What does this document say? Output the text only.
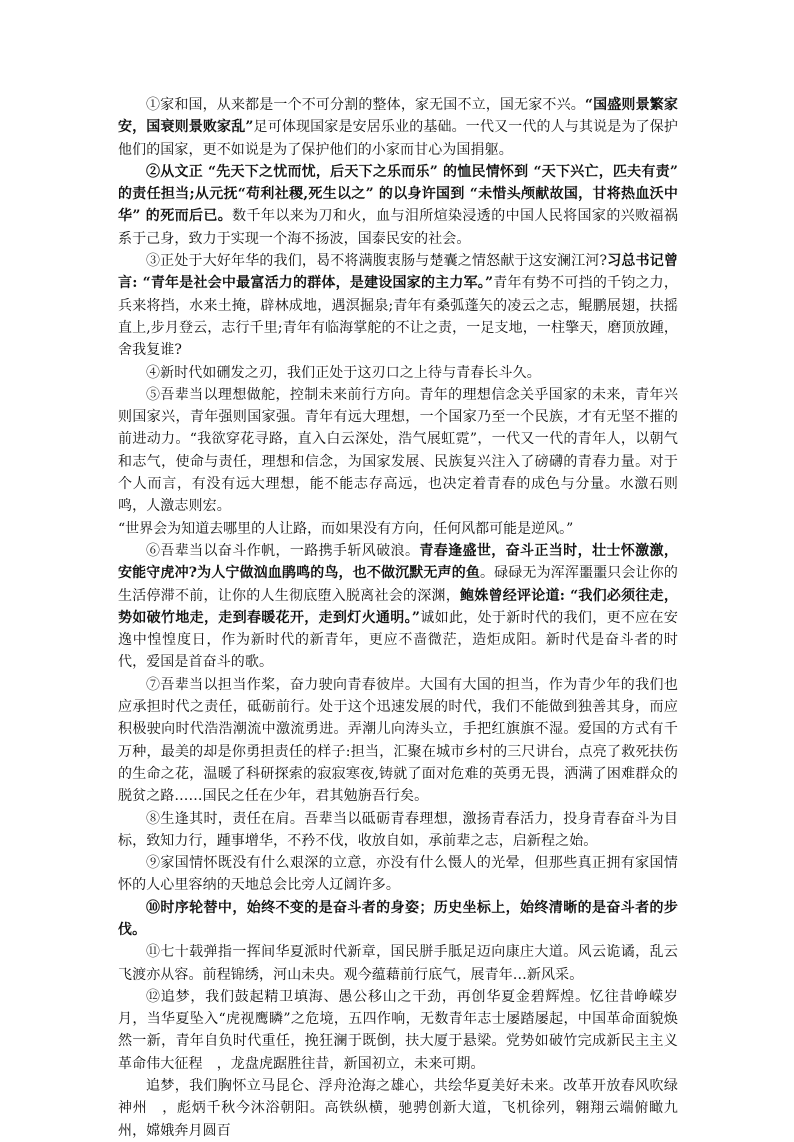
①家和国，从来都是一个不可分割的整体，家无国不立，国无家不兴。“国盛则景繁家安，国衰则景败家乱”足可体现国家是安居乐业的基础。一代又一代的人与其说是为了保护他们的国家，更不如说是为了保护他们的小家而甘心为国捐躯。

②从文正 “先天下之忧而忧，后天下之乐而乐” 的恤民情怀到 “天下兴亡，匹夫有责” 的责任担当;从元抚“苟利社稷,死生以之” 的以身许国到 “未惜头颅献故国，甘将热血沃中华” 的死而后已。数千年以来为刀和火，血与泪所煊染浸透的中国人民将国家的兴败福祸系于己身，致力于实现一个海不扬波，国泰民安的社会。

③正处于大好年华的我们，曷不将满腹衷肠与楚囊之情怒献于这安澜江河?习总书记曾言: “青年是社会中最富活力的群体，是建设国家的主力军。”青年有势不可挡的千钧之力，兵来将挡，水来土掩，辟林成地，遇溟掘泉;青年有桑弧蓬矢的凌云之志，鲲鹏展翅，扶摇直上,步月登云，志行千里;青年有临海掌舵的不让之责，一足支地，一柱擎天，磨顶放踵，舍我复谁?

④新时代如硎发之刃，我们正处于这刃口之上待与青春长斗久。

⑤吾辈当以理想做舵，控制未来前行方向。青年的理想信念关乎国家的未来，青年兴则国家兴，青年强则国家强。青年有远大理想，一个国家乃至一个民族，才有无坚不摧的前进动力。“我欲穿花寻路，直入白云深处，浩气展虹霓”，一代又一代的青年人，以朝气和志气，使命与责任，理想和信念，为国家发展、民族复兴注入了磅礴的青春力量。对于个人而言，有没有远大理想，能不能志存高远，也决定着青春的成色与分量。水激石则鸣，人激志则宏。

“世界会为知道去哪里的人让路，而如果没有方向，任何风都可能是逆风。”

⑥吾辈当以奋斗作帆，一路携手斩风破浪。青春逢盛世，奋斗正当时，壮士怀激激，安能守虎冲?为人宁做汹血鹃鸣的鸟，也不做沉默无声的鱼。碌碌无为浑浑噩噩只会让你的生活停滞不前，让你的人生彻底堕入脱离社会的深渊，鲍姝曾经评论道: “我们必须往走，势如破竹地走，走到春暖花开，走到灯火通明。”诚如此，处于新时代的我们，更不应在安逸中惶惶度日，作为新时代的新青年，更应不啬微茫，造炬成阳。新时代是奋斗者的时代，爱国是首奋斗的歌。

⑦吾辈当以担当作桨，奋力驶向青春彼岸。大国有大国的担当，作为青少年的我们也应承担时代之责任，砥砺前行。处于这个迅速发展的时代，我们不能做到独善其身，而应积极驶向时代浩浩潮流中激流勇进。弄潮儿向涛头立，手把红旗旗不湿。爱国的方式有千万种，最美的却是你勇担责任的样子:担当，汇聚在城市乡村的三尺讲台，点亮了救死扶伤的生命之花，温暖了科研探索的寂寂寒夜,铸就了面对危难的英勇无畏，洒满了困难群众的脱贫之路……国民之任在少年，君其勉旃吾行矣。

⑧生逢其时，责任在肩。吾辈当以砥砺青春理想，激扬青春活力，投身青春奋斗为目标，致知力行，踵事增华，不矜不伐，收放自如，承前辈之志，启新程之始。

⑨家国情怀既没有什么艰深的立意，亦没有什么慑人的光晕，但那些真正拥有家国情怀的人心里容纳的天地总会比旁人辽阔许多。

⑩时序轮替中，始终不变的是奋斗者的身姿；历史坐标上，始终清晰的是奋斗者的步伐。

⑪七十载弹指一挥间华夏派时代新章，国民胼手胝足迈向康庄大道。风云诡谲，乱云飞渡亦从容。前程锦绣，河山未央。观今蕴藉前行底气，展青年…新风采。

⑫追梦，我们鼓起精卫填海、愚公移山之干劲，再创华夏金碧辉煌。忆往昔峥嵘岁月，当华夏坠入“虎视鹰瞵”之危境，五四作响，无数青年志士屡踏屡起，中国革命面貌焕然一新，青年自负时代重任，挽狂澜于既倒，扶大厦于悬梁。党势如破竹完成新民主主义革命伟大征程　，龙盘虎踞胜往昔，新国初立，未来可期。

追梦，我们胸怀立马昆仑、浮舟沧海之雄心，共绘华夏美好未来。改革开放春风吹绿神州　，彪炳千秋今沐浴朝阳。高铁纵横，驰骋创新大道，飞机徐列，翱翔云端俯瞰九州，嫦娥奔月圆百
